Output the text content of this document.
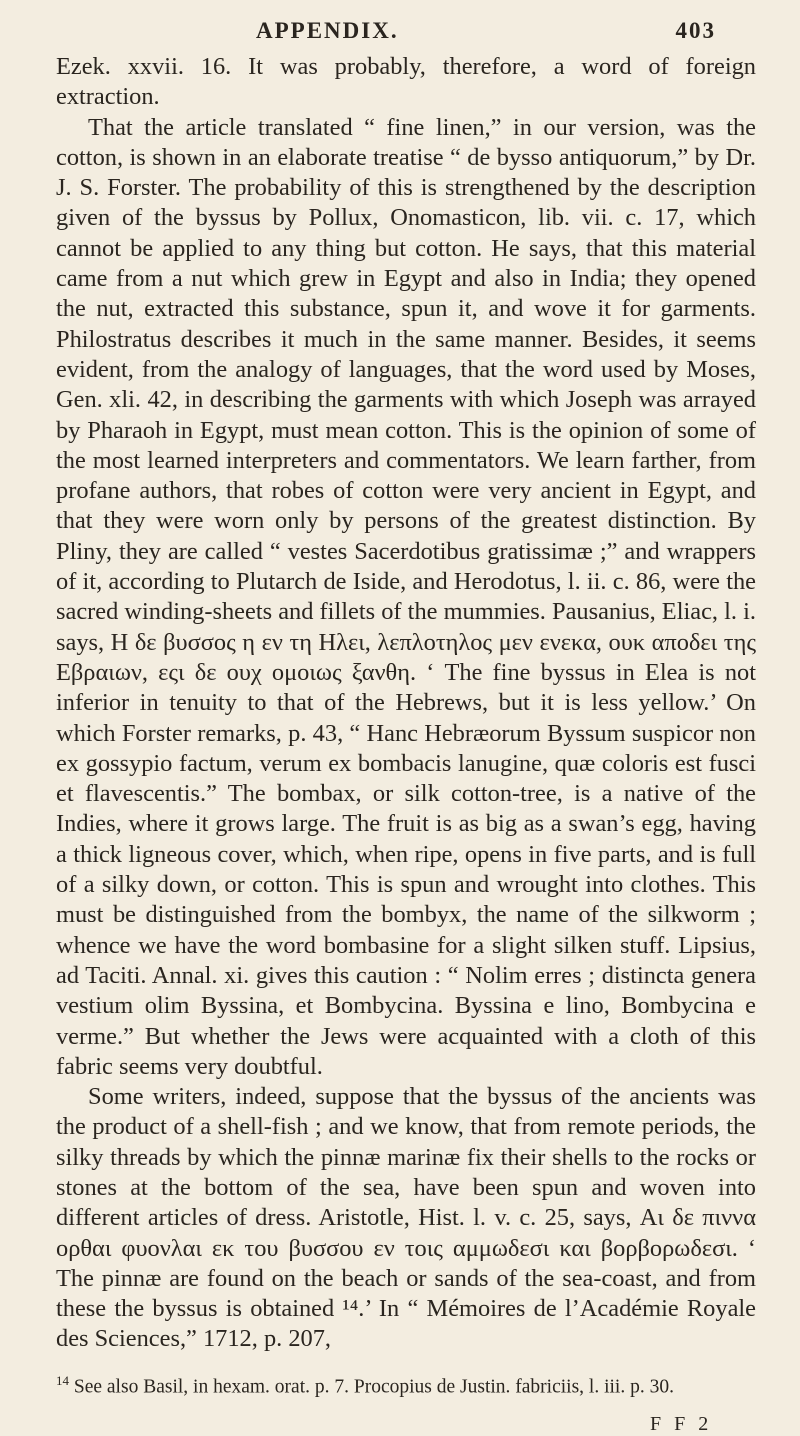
APPENDIX.	403

Ezek. xxvii. 16. It was probably, therefore, a word of foreign extraction.

That the article translated “ fine linen,” in our version, was the cotton, is shown in an elaborate treatise “ de bysso antiquorum,” by Dr. J. S. Forster. The probability of this is strengthened by the description given of the byssus by Pollux, Onomasticon, lib. vii. c. 17, which cannot be applied to any thing but cotton. He says, that this material came from a nut which grew in Egypt and also in India; they opened the nut, extracted this substance, spun it, and wove it for garments. Philostratus describes it much in the same manner. Besides, it seems evident, from the analogy of languages, that the word used by Moses, Gen. xli. 42, in describing the garments with which Joseph was arrayed by Pharaoh in Egypt, must mean cotton. This is the opinion of some of the most learned interpreters and commentators. We learn farther, from profane authors, that robes of cotton were very ancient in Egypt, and that they were worn only by persons of the greatest distinction. By Pliny, they are called “ vestes Sacerdotibus gratissimæ ;” and wrappers of it, according to Plutarch de Iside, and Herodotus, l. ii. c. 86, were the sacred winding-sheets and fillets of the mummies. Pausanius, Eliac, l. i. says, Η δε βυσσος η εν τη Ηλει, λεπλοτηλος μεν ενεκα, ουκ αποδει της Εβραιων, εςι δε ουχ ομοιως ξανθη. ‘ The fine byssus in Elea is not inferior in tenuity to that of the Hebrews, but it is less yellow.’ On which Forster remarks, p. 43, “ Hanc Hebræorum Byssum suspicor non ex gossypio factum, verum ex bombacis lanugine, quæ coloris est fusci et flavescentis.” The bombax, or silk cotton-tree, is a native of the Indies, where it grows large. The fruit is as big as a swan’s egg, having a thick ligneous cover, which, when ripe, opens in five parts, and is full of a silky down, or cotton. This is spun and wrought into clothes. This must be distinguished from the bombyx, the name of the silkworm ; whence we have the word bombasine for a slight silken stuff. Lipsius, ad Taciti. Annal. xi. gives this caution : “ Nolim erres ; distincta genera vestium olim Byssina, et Bombycina. Byssina e lino, Bombycina e verme.” But whether the Jews were acquainted with a cloth of this fabric seems very doubtful.

Some writers, indeed, suppose that the byssus of the ancients was the product of a shell-fish ; and we know, that from remote periods, the silky threads by which the pinnæ marinæ fix their shells to the rocks or stones at the bottom of the sea, have been spun and woven into different articles of dress. Aristotle, Hist. l. v. c. 25, says, Αι δε πιννα ορθαι φυονλαι εκ του βυσσου εν τοις αμμωδεσι και βορβορωδεσι. ‘ The pinnæ are found on the beach or sands of the sea-coast, and from these the byssus is obtained ¹⁴.’ In “ Mémoires de l’Académie Royale des Sciences,” 1712, p. 207,

$^{14}$ See also Basil, in hexam. orat. p. 7. Procopius de Justin. fabriciis, l. iii. p. 30.
F F 2
